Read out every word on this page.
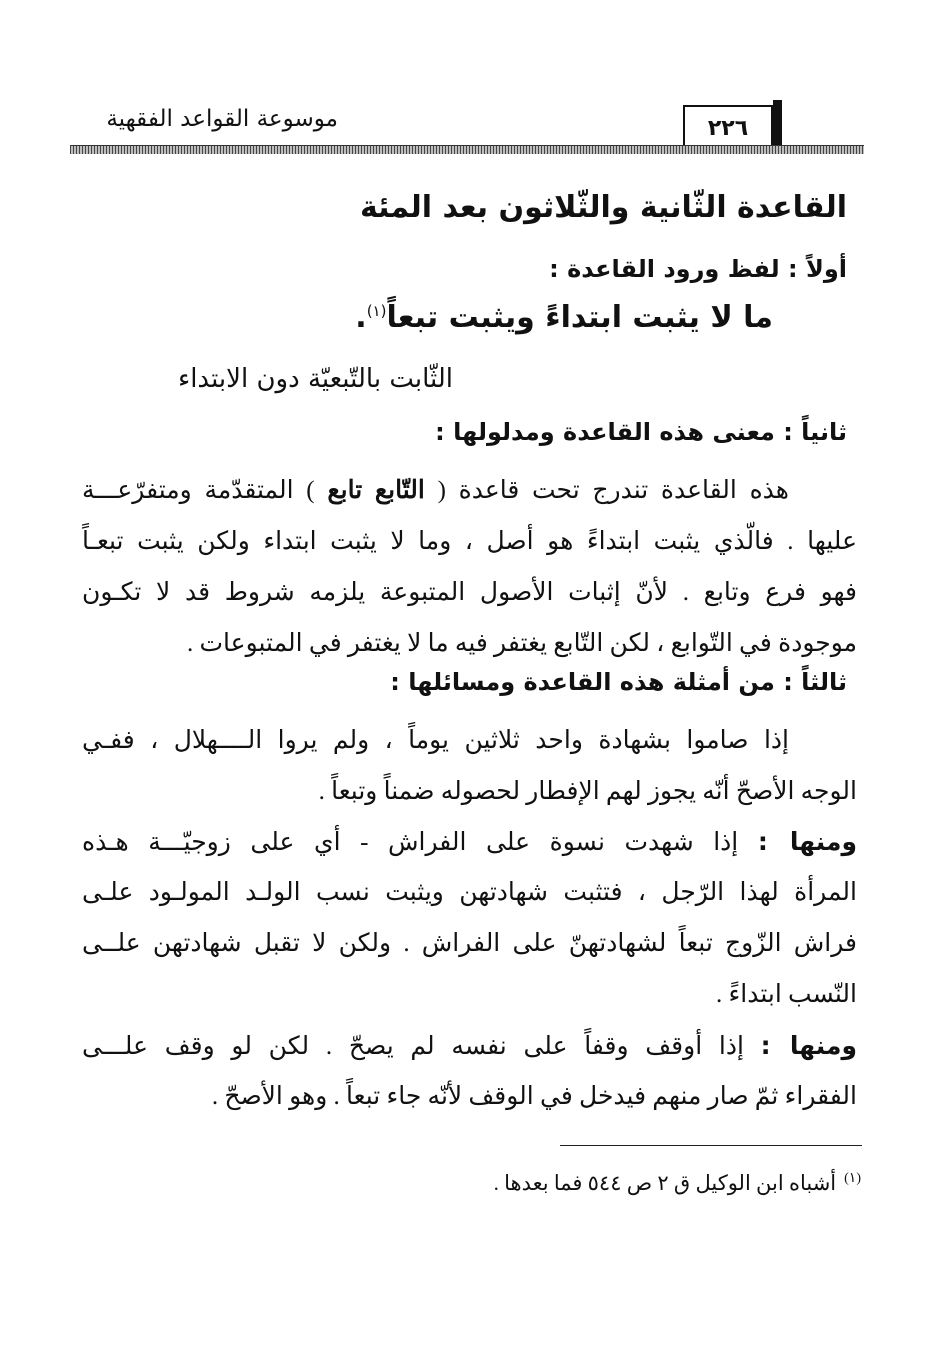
٢٢٦
موسوعة القواعد الفقهية
القاعدة الثّانية والثّلاثون بعد المئة
أولاً : لفظ ورود القاعدة :
ما لا يثبت ابتداءً ويثبت تبعاً$^{(١)}$.
الثّابت بالتّبعيّة دون الابتداء
ثانياً : معنى هذه القاعدة ومدلولها :
هذه القاعدة تندرج تحت قاعدة ( التّابع تابع ) المتقدّمة ومتفرّعـــة
عليها . فالّذي يثبت ابتداءً هو أصل ، وما لا يثبت ابتداء ولكن يثبت تبعـاً
فهو فرع وتابع . لأنّ إثبات الأصول المتبوعة يلزمه شروط قد لا تكـون
موجودة في التّوابع ، لكن التّابع يغتفر فيه ما لا يغتفر في المتبوعات .
ثالثاً : من أمثلة هذه القاعدة ومسائلها :
إذا صاموا بشهادة واحد ثلاثين يوماً ، ولم يروا الــــهلال ، ففـي
الوجه الأصحّ أنّه يجوز لهم الإفطار لحصوله ضمناً وتبعاً .
ومنها : إذا شهدت نسوة على الفراش - أي على زوجيّـــة هـذه
المرأة لهذا الرّجل ، فتثبت شهادتهن ويثبت نسب الولـد المولـود علـى
فراش الزّوج تبعاً لشهادتهنّ على الفراش . ولكن لا تقبل شهادتهن علــى
النّسب ابتداءً .
ومنها : إذا أوقف وقفاً على نفسه لم يصحّ . لكن لو وقف علـــى
الفقراء ثمّ صار منهم فيدخل في الوقف لأنّه جاء تبعاً . وهو الأصحّ .
$^{(١)}$أشباه ابن الوكيل ق ٢ ص ٥٤٤ فما بعدها .
